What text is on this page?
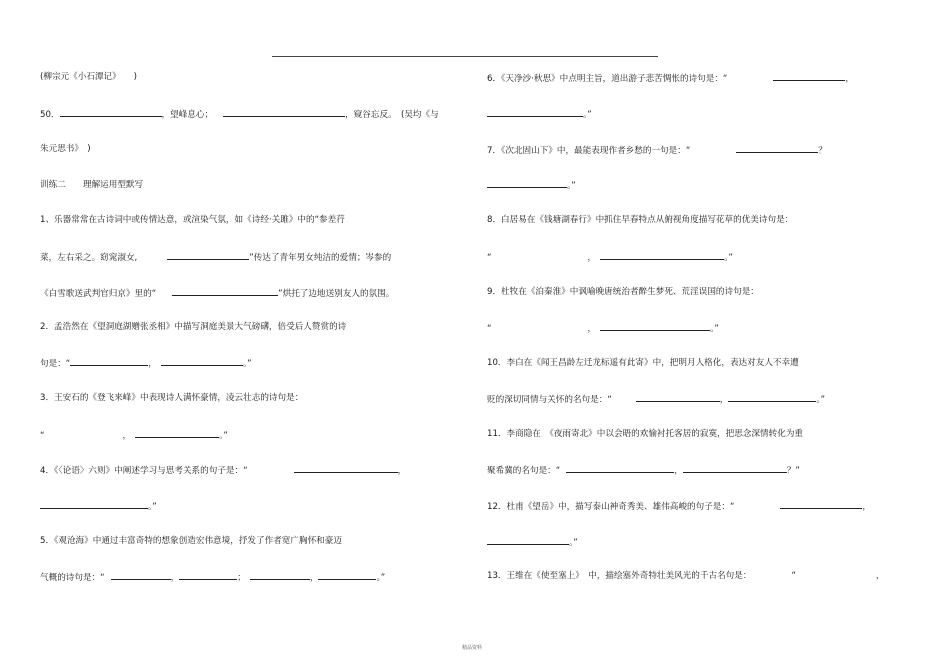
(柳宗元《小石潭记》　　)
50．	，望峰息心；	，窥谷忘反。　(吴均《与
朱元思书》　)
训练二　　理解运用型默写
1、乐器常常在古诗词中或传情达意，或渲染气氛，如《诗经·关雎》中的“参差荇
菜，左右采之。窈窕淑女,	”传达了青年男女纯洁的爱情；岑参的
《白雪歌送武判官归京》里的“	”烘托了边地送别友人的氛围。
2．孟浩然在《望洞庭湖赠张丞相》中描写洞庭美景大气磅礴，倍受后人赞赏的诗
句是：“	，	。”
3．王安石的《登飞来峰》中表现诗人满怀豪情，凌云壮志的诗句是：
“	，	。”
4．《〈论语〉六则》中阐述学习与思考关系的句子是：“	，
。”
5．《观沧海》中通过丰富奇特的想象创造宏伟意境，抒发了作者宽广胸怀和豪迈
气概的诗句是：“	，	；	，	。”
6．《天净沙·秋思》中点明主旨，道出游子悲苦惆怅的诗句是：“	，
。”
7．《次北固山下》中，最能表现作者乡愁的一句是：“	？
。”
8．白居易在《钱塘湖春行》中抓住早春特点从俯视角度描写花草的优美诗句是：
“	，	。”
9．杜牧在《泊秦淮》中讽喻晚唐统治者醉生梦死、荒淫误国的诗句是：
“	，	。”
10．李白在《闻王昌龄左迁龙标遥有此寄》中，把明月人格化，表达对友人不幸遭
贬的深切同情与关怀的名句是：“	，	。”
11．李商隐在　《夜雨寄北》中以会晤的欢愉衬托客居的寂寞，把思念深情转化为重
聚希冀的名句是：“	，	？”
12．杜甫《望岳》中，描写泰山神奇秀美、雄伟高峻的句子是：“	，
。”
13．王维在《使至塞上》　中，描绘塞外奇特壮美风光的千古名句是：	“	，
精品资料
